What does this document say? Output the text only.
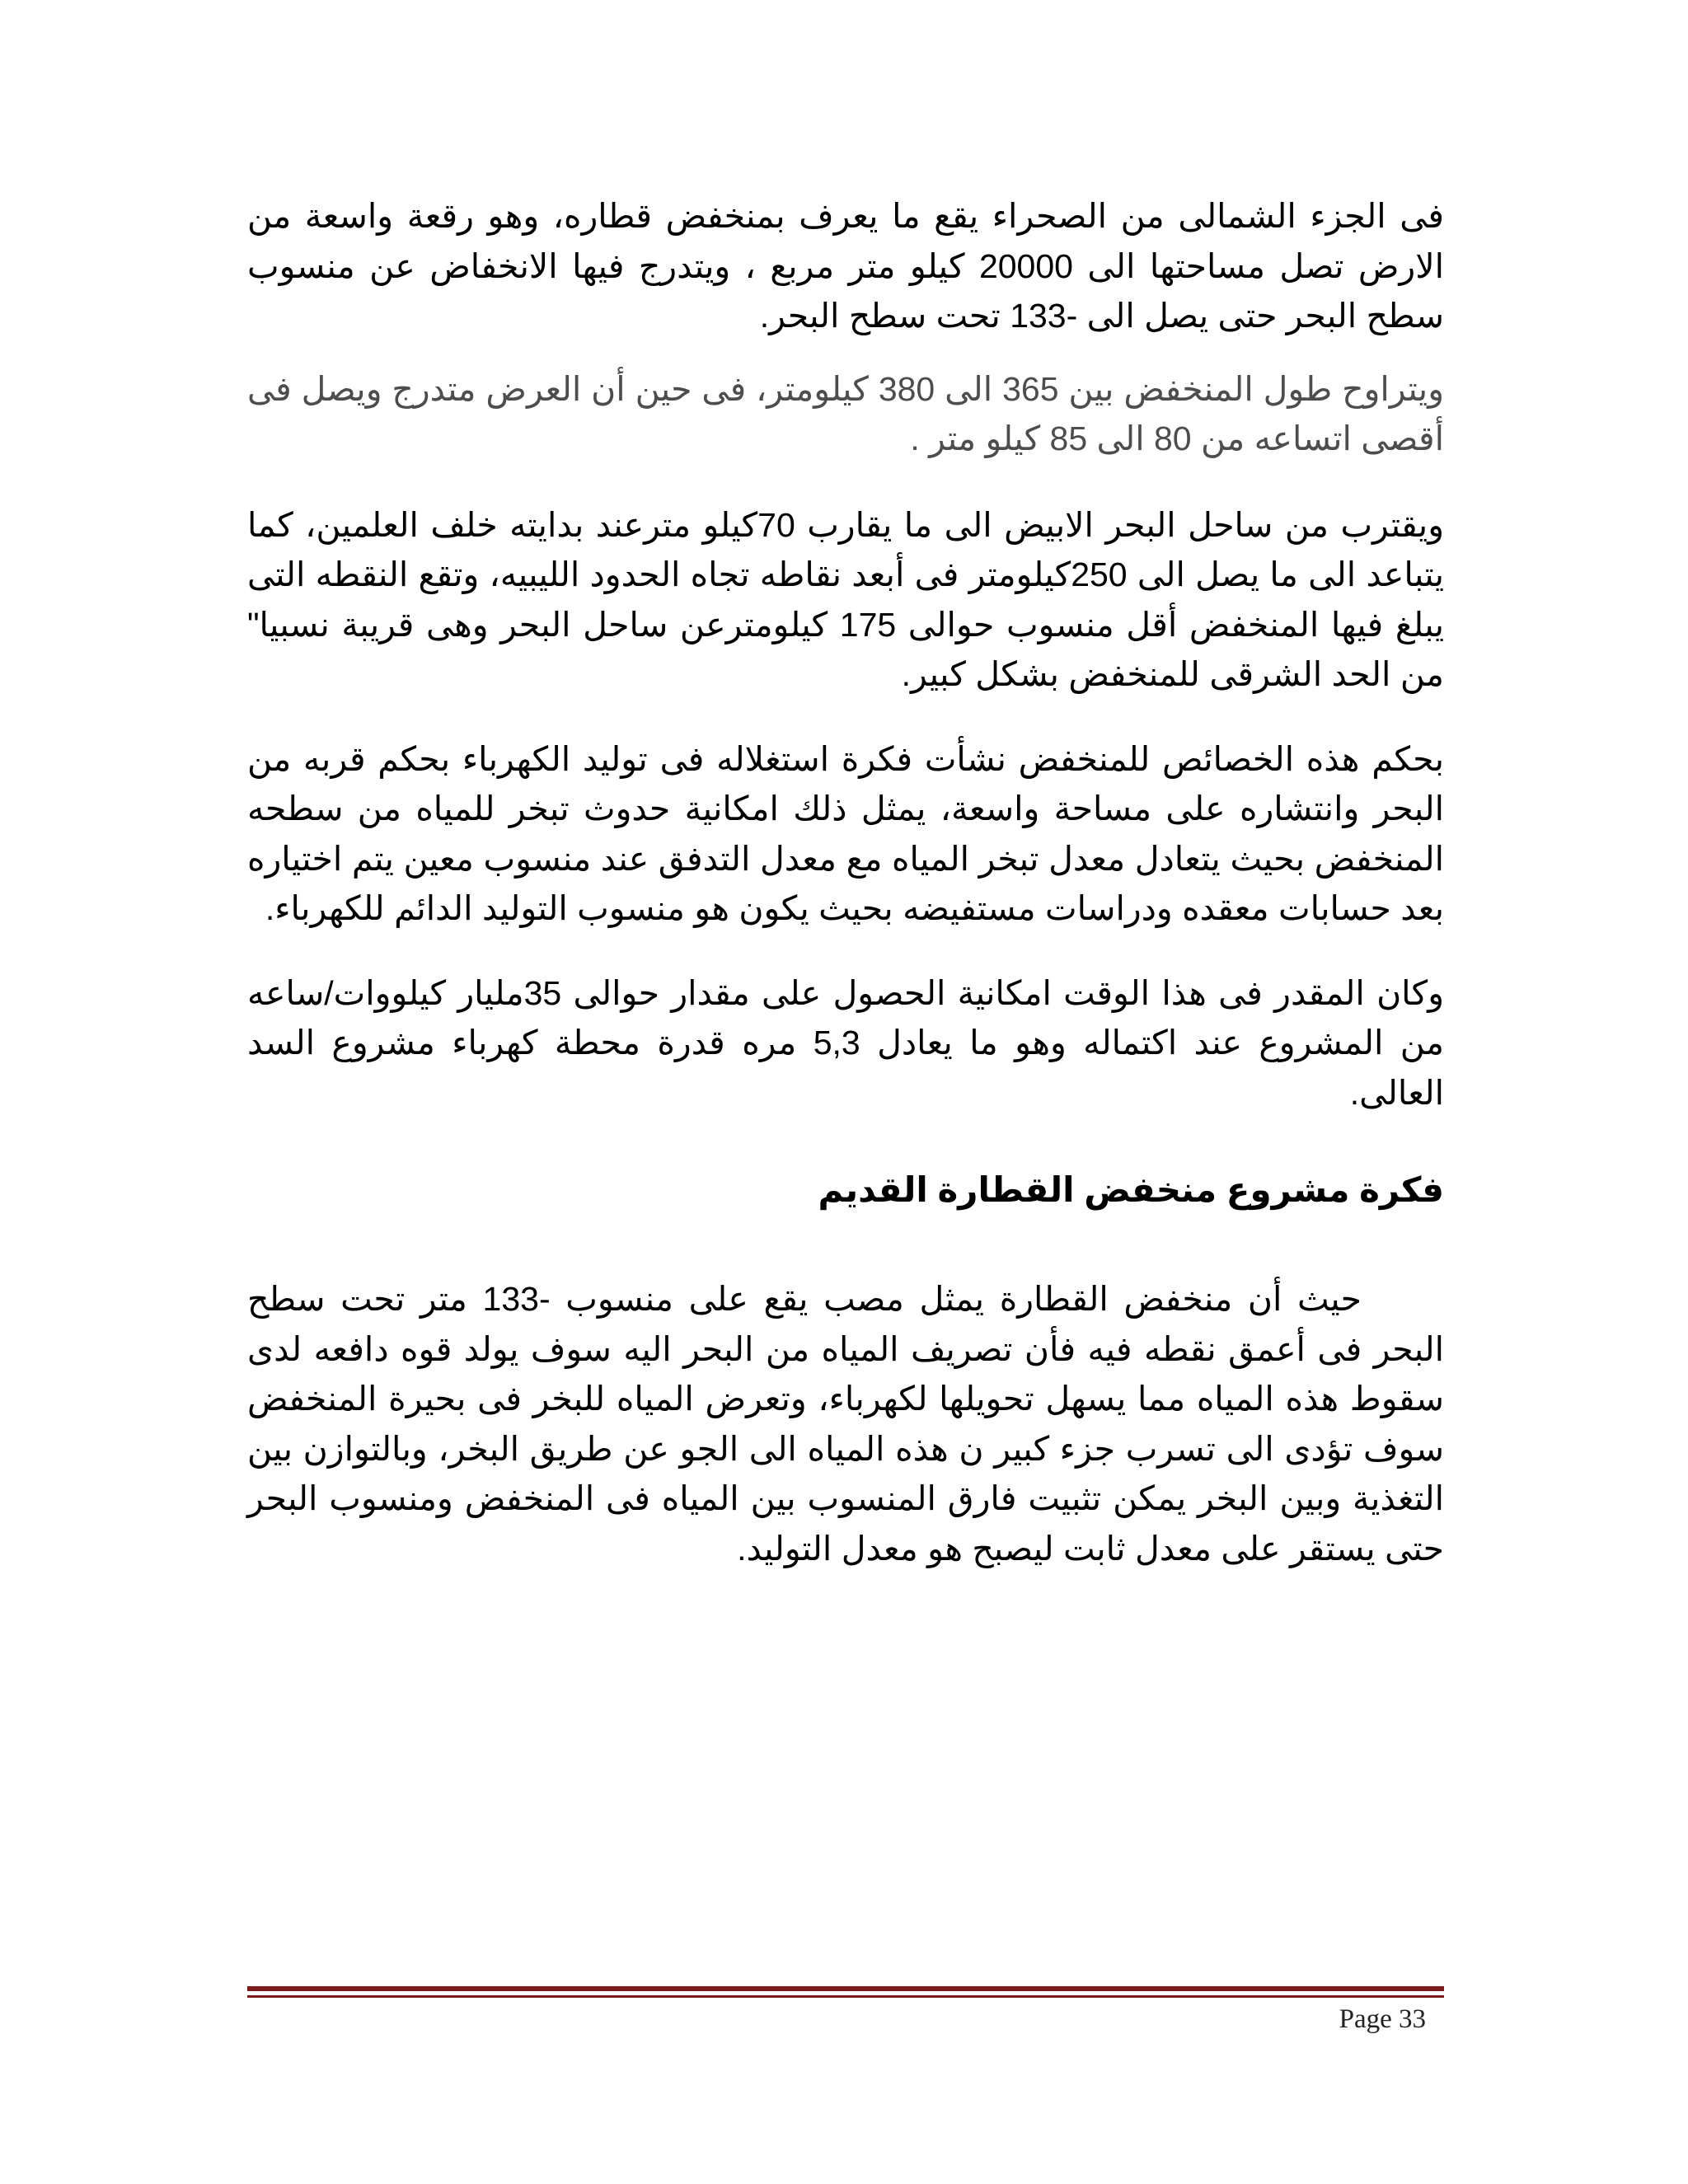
فى الجزء الشمالى من الصحراء يقع ما يعرف بمنخفض قطاره، وهو رقعة واسعة من الارض تصل مساحتها الى 20000 كيلو متر مربع ، ويتدرج فيها الانخفاض عن منسوب سطح البحر حتى يصل الى -133 تحت سطح البحر.

ويتراوح طول المنخفض بين 365 الى 380 كيلومتر، فى حين أن العرض متدرج ويصل فى أقصى اتساعه من 80 الى 85 كيلو متر .

ويقترب من ساحل البحر الابيض الى ما يقارب 70كيلو مترعند بدايته خلف العلمين، كما يتباعد الى ما يصل الى 250كيلومتر فى أبعد نقاطه تجاه الحدود الليبيه، وتقع النقطه التى يبلغ فيها المنخفض أقل منسوب حوالى 175 كيلومترعن ساحل البحر وهى قريبة نسبيا" من الحد الشرقى للمنخفض بشكل كبير.

بحكم هذه الخصائص للمنخفض نشأت فكرة استغلاله فى توليد الكهرباء بحكم قربه من البحر وانتشاره على مساحة واسعة، يمثل ذلك امكانية حدوث تبخر للمياه من سطحه المنخفض بحيث يتعادل معدل تبخر المياه مع معدل التدفق عند منسوب معين يتم اختياره بعد حسابات معقده ودراسات مستفيضه بحيث يكون هو منسوب التوليد الدائم للكهرباء.

وكان المقدر فى هذا الوقت امكانية الحصول على مقدار حوالى 35مليار كيلووات/ساعه من المشروع عند اكتماله وهو ما يعادل 5,3 مره قدرة محطة كهرباء مشروع السد العالى.

فكرة مشروع منخفض القطارة القديم

حيث أن منخفض القطارة يمثل مصب يقع على منسوب -133 متر تحت سطح البحر فى أعمق نقطه فيه فأن تصريف المياه من البحر اليه سوف يولد قوه دافعه لدى سقوط هذه المياه مما يسهل تحويلها لكهرباء، وتعرض المياه للبخر فى بحيرة المنخفض سوف تؤدى الى تسرب جزء كبير ن هذه المياه الى الجو عن طريق البخر، وبالتوازن بين التغذية وبين البخر يمكن تثبيت فارق المنسوب بين المياه فى المنخفض ومنسوب البحر حتى يستقر على معدل ثابت ليصبح هو معدل التوليد.

Page 33
